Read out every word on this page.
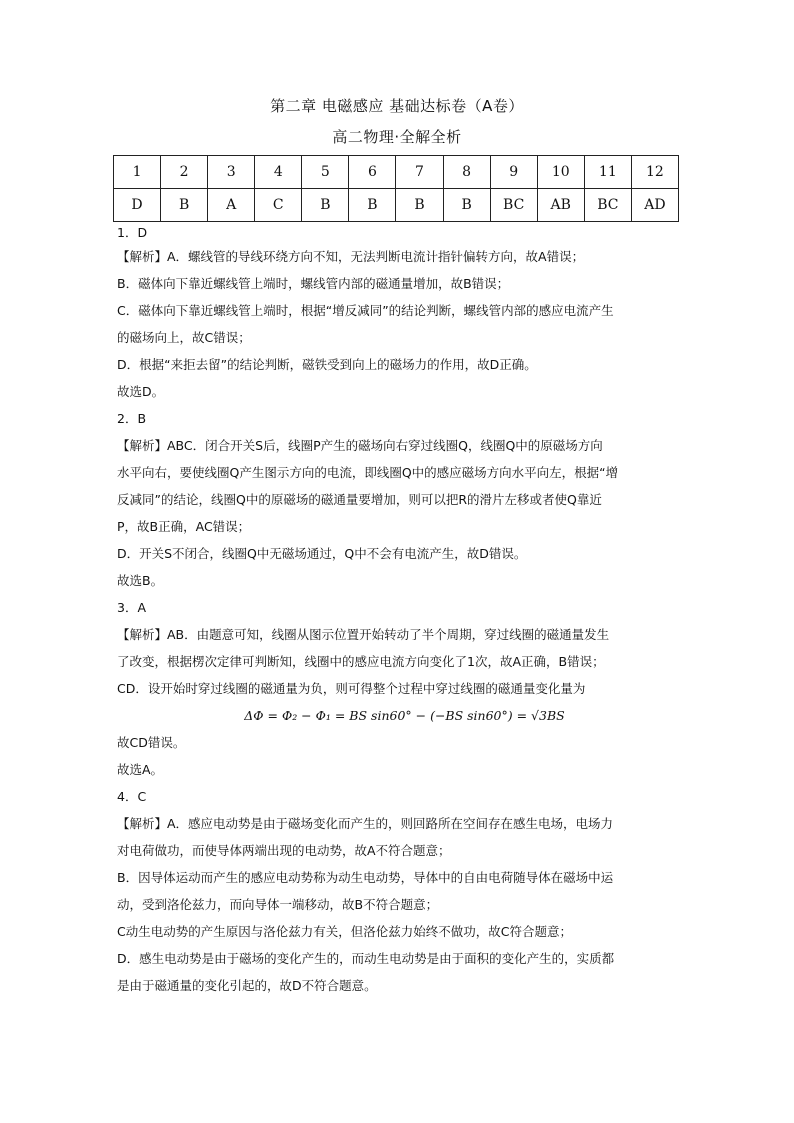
第二章 电磁感应 基础达标卷（A卷）
高二物理·全解全析
1	2	3	4	5	6	7	8	9	10	11	12
D	B	A	C	B	B	B	B	BC	AB	BC	AD
1．D
【解析】A．螺线管的导线环绕方向不知，无法判断电流计指针偏转方向，故A错误；
B．磁体向下靠近螺线管上端时，螺线管内部的磁通量增加，故B错误；
C．磁体向下靠近螺线管上端时，根据“增反减同”的结论判断，螺线管内部的感应电流产生
的磁场向上，故C错误；
D．根据“来拒去留”的结论判断，磁铁受到向上的磁场力的作用，故D正确。
故选D。
2．B
【解析】ABC．闭合开关S后，线圈P产生的磁场向右穿过线圈Q，线圈Q中的原磁场方向
水平向右，要使线圈Q产生图示方向的电流，即线圈Q中的感应磁场方向水平向左，根据“增
反减同”的结论，线圈Q中的原磁场的磁通量要增加，则可以把R的滑片左移或者使Q靠近
P，故B正确，AC错误；
D．开关S不闭合，线圈Q中无磁场通过，Q中不会有电流产生，故D错误。
故选B。
3．A
【解析】AB．由题意可知，线圈从图示位置开始转动了半个周期，穿过线圈的磁通量发生
了改变，根据楞次定律可判断知，线圈中的感应电流方向变化了1次，故A正确，B错误；
CD．设开始时穿过线圈的磁通量为负，则可得整个过程中穿过线圈的磁通量变化量为
ΔΦ = Φ₂ − Φ₁ = BS sin60° − (−BS sin60°) = √3BS
故CD错误。
故选A。
4．C
【解析】A．感应电动势是由于磁场变化而产生的，则回路所在空间存在感生电场，电场力
对电荷做功，而使导体两端出现的电动势，故A不符合题意；
B．因导体运动而产生的感应电动势称为动生电动势，导体中的自由电荷随导体在磁场中运
动，受到洛伦兹力，而向导体一端移动，故B不符合题意；
C动生电动势的产生原因与洛伦兹力有关，但洛伦兹力始终不做功，故C符合题意；
D．感生电动势是由于磁场的变化产生的，而动生电动势是由于面积的变化产生的，实质都
是由于磁通量的变化引起的，故D不符合题意。
